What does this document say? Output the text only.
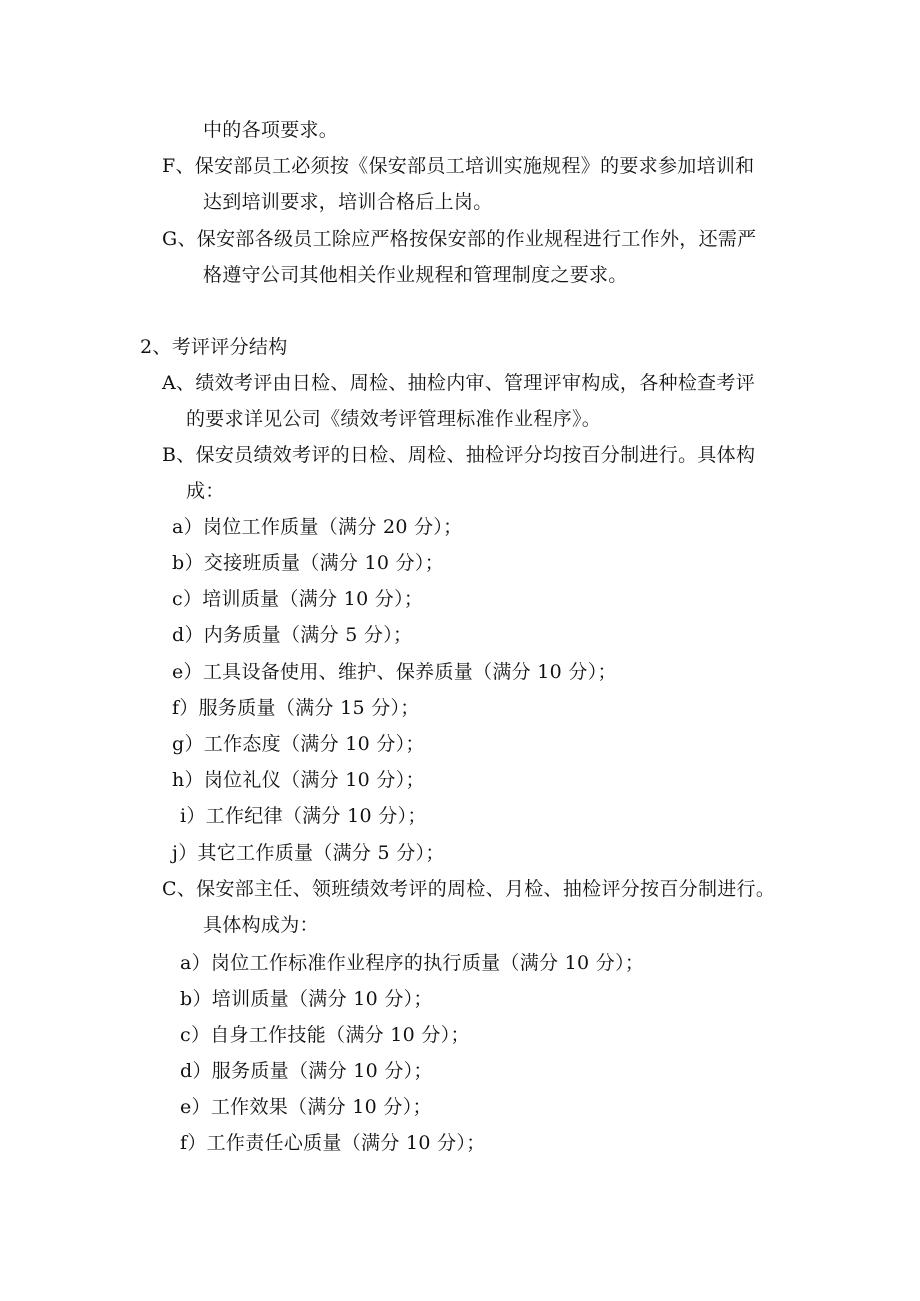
中的各项要求。
F、保安部员工必须按《保安部员工培训实施规程》的要求参加培训和
达到培训要求，培训合格后上岗。
G、保安部各级员工除应严格按保安部的作业规程进行工作外，还需严
格遵守公司其他相关作业规程和管理制度之要求。
2、考评评分结构
A、绩效考评由日检、周检、抽检内审、管理评审构成，各种检查考评
的要求详见公司《绩效考评管理标准作业程序》。
B、保安员绩效考评的日检、周检、抽检评分均按百分制进行。具体构
成：
a）岗位工作质量（满分 20 分）；
b）交接班质量（满分 10 分）；
c）培训质量（满分 10 分）；
d）内务质量（满分 5 分）；
e）工具设备使用、维护、保养质量（满分 10 分）；
f）服务质量（满分 15 分）；
g）工作态度（满分 10 分）；
h）岗位礼仪（满分 10 分）；
i）工作纪律（满分 10 分）；
j）其它工作质量（满分 5 分）；
C、保安部主任、领班绩效考评的周检、月检、抽检评分按百分制进行。
具体构成为：
a）岗位工作标准作业程序的执行质量（满分 10 分）；
b）培训质量（满分 10 分）；
c）自身工作技能（满分 10 分）；
d）服务质量（满分 10 分）；
e）工作效果（满分 10 分）；
f）工作责任心质量（满分 10 分）；
